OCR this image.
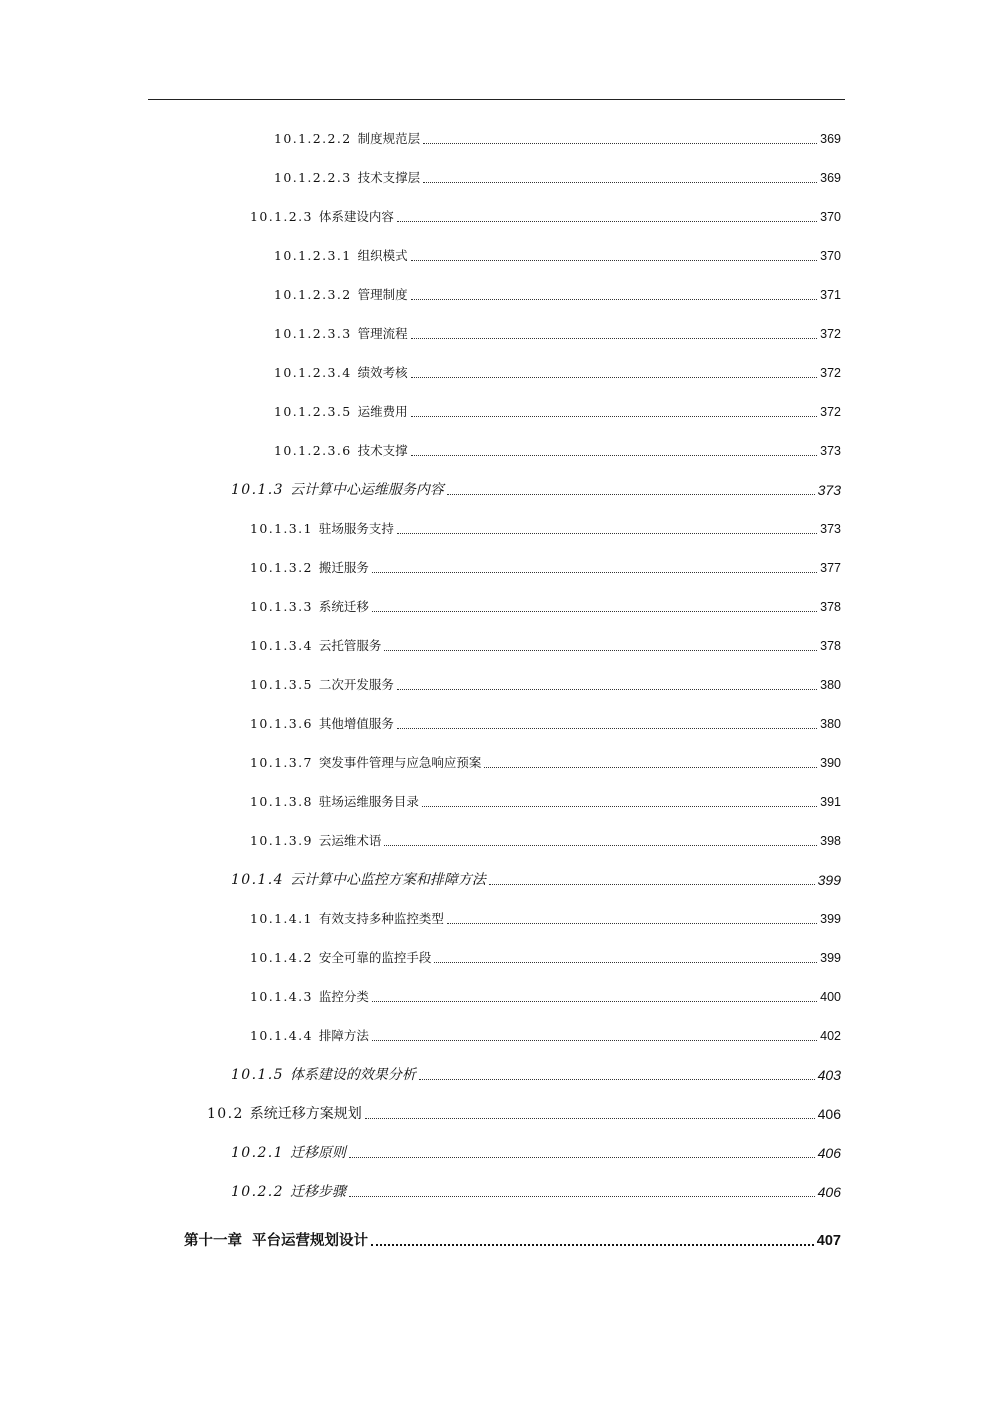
10.1.2.2.2 制度规范层	369
10.1.2.2.3 技术支撑层	369
10.1.2.3 体系建设内容	370
10.1.2.3.1 组织模式	370
10.1.2.3.2 管理制度	371
10.1.2.3.3 管理流程	372
10.1.2.3.4 绩效考核	372
10.1.2.3.5 运维费用	372
10.1.2.3.6 技术支撑	373
10.1.3 云计算中心运维服务内容	373
10.1.3.1 驻场服务支持	373
10.1.3.2 搬迁服务	377
10.1.3.3 系统迁移	378
10.1.3.4 云托管服务	378
10.1.3.5 二次开发服务	380
10.1.3.6 其他增值服务	380
10.1.3.7 突发事件管理与应急响应预案	390
10.1.3.8 驻场运维服务目录	391
10.1.3.9 云运维术语	398
10.1.4 云计算中心监控方案和排障方法	399
10.1.4.1 有效支持多种监控类型	399
10.1.4.2 安全可靠的监控手段	399
10.1.4.3 监控分类	400
10.1.4.4 排障方法	402
10.1.5 体系建设的效果分析	403
10.2 系统迁移方案规划	406
10.2.1 迁移原则	406
10.2.2 迁移步骤	406
第十一章 平台运营规划设计	407
